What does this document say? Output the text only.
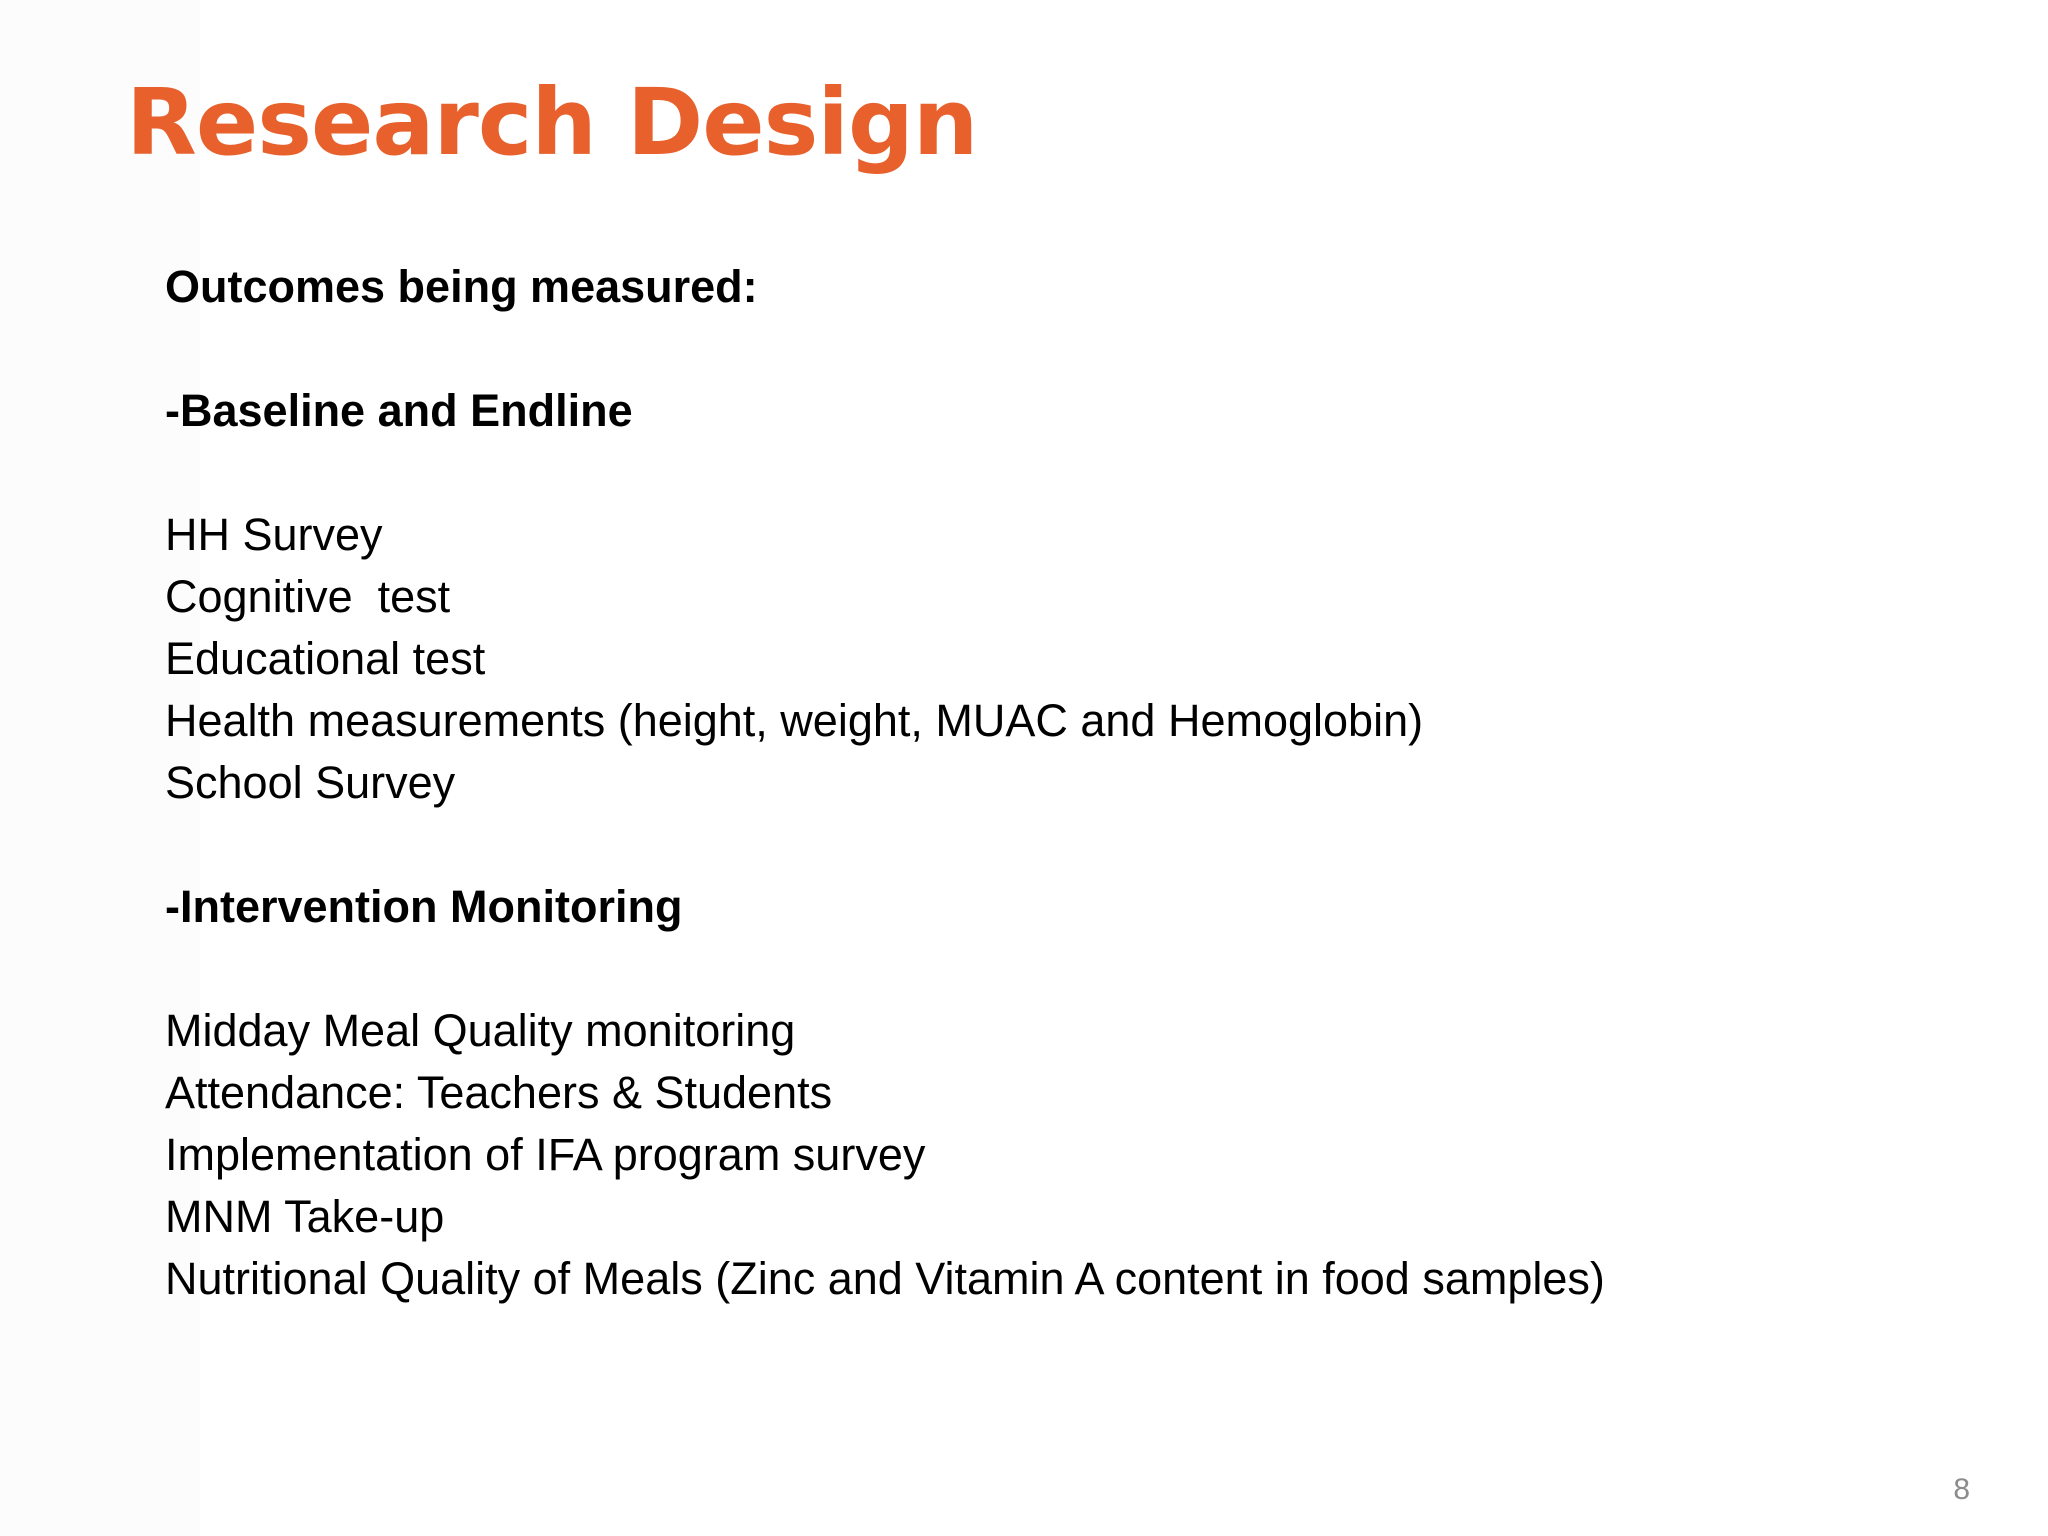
Research Design
Outcomes being measured:
-Baseline and Endline
HH Survey
Cognitive  test
Educational test
Health measurements (height, weight, MUAC and Hemoglobin)
School Survey
-Intervention Monitoring
Midday Meal Quality monitoring
Attendance: Teachers & Students
Implementation of IFA program survey
MNM Take-up
Nutritional Quality of Meals (Zinc and Vitamin A content in food samples)
8
